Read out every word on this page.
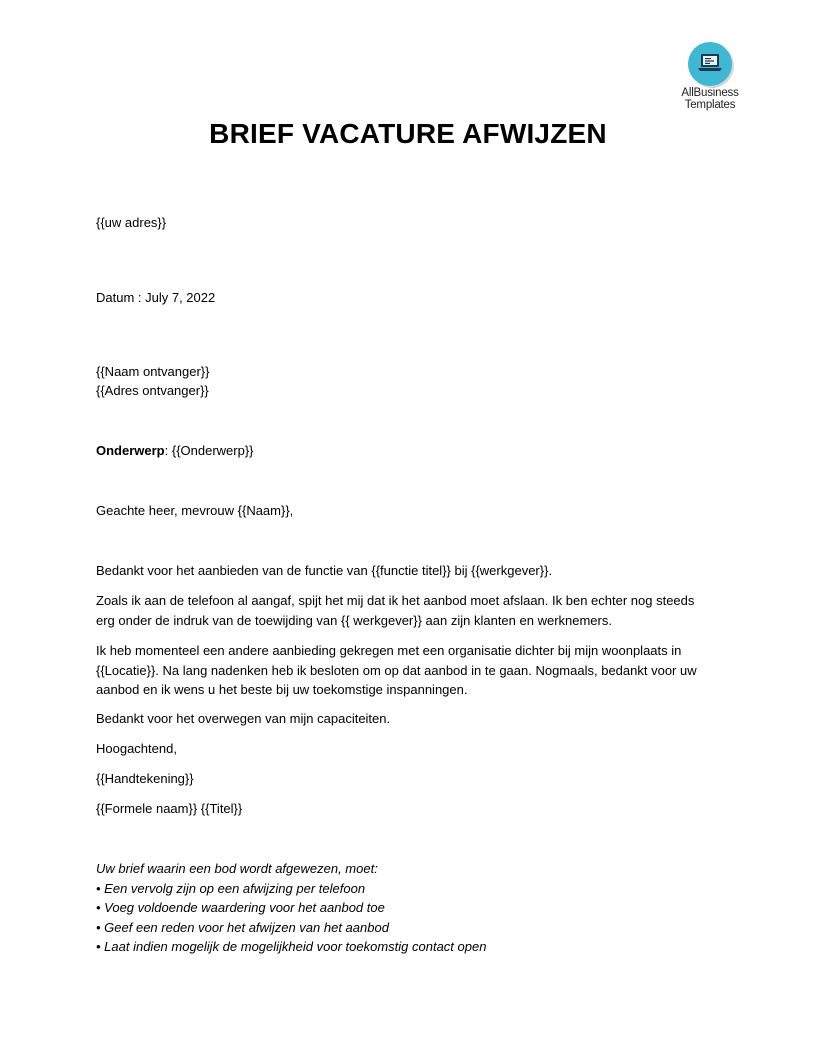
AllBusiness
Templates
BRIEF VACATURE AFWIJZEN
{{uw adres}}
Datum : July 7, 2022
{{Naam ontvanger}}
{{Adres ontvanger}}
Onderwerp: {{Onderwerp}}
Geachte heer, mevrouw {{Naam}},
Bedankt voor het aanbieden van de functie van {{functie titel}} bij {{werkgever}}.
Zoals ik aan de telefoon al aangaf, spijt het mij dat ik het aanbod moet afslaan. Ik ben echter nog steeds
erg onder de indruk van de toewijding van {{ werkgever}} aan zijn klanten en werknemers.
Ik heb momenteel een andere aanbieding gekregen met een organisatie dichter bij mijn woonplaats in
{{Locatie}}. Na lang nadenken heb ik besloten om op dat aanbod in te gaan. Nogmaals, bedankt voor uw
aanbod en ik wens u het beste bij uw toekomstige inspanningen.
Bedankt voor het overwegen van mijn capaciteiten.
Hoogachtend,
{{Handtekening}}
{{Formele naam}} {{Titel}}
Uw brief waarin een bod wordt afgewezen, moet:
• Een vervolg zijn op een afwijzing per telefoon
• Voeg voldoende waardering voor het aanbod toe
• Geef een reden voor het afwijzen van het aanbod
• Laat indien mogelijk de mogelijkheid voor toekomstig contact open
